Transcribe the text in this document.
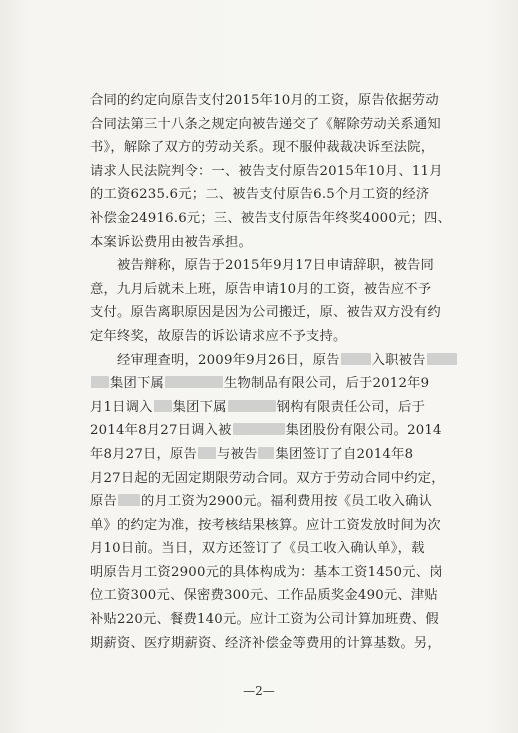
合同的约定向原告支付2015年10月的工资，原告依据劳动
合同法第三十八条之规定向被告递交了《解除劳动关系通知
书》，解除了双方的劳动关系。现不服仲裁裁决诉至法院，
请求人民法院判令：一、被告支付原告2015年10月、11月
的工资6235.6元；二、被告支付原告6.5个月工资的经济
补偿金24916.6元；三、被告支付原告年终奖4000元；四、
本案诉讼费用由被告承担。
被告辩称，原告于2015年9月17日申请辞职，被告同
意，九月后就未上班，原告申请10月的工资，被告应不予
支付。原告离职原因是因为公司搬迁，原、被告双方没有约
定年终奖，故原告的诉讼请求应不予支持。
经审理查明，2009年9月26日，原告 入职被告
集团下属	生物制品有限公司，后于2012年9
月1日调入 集团下属	钢构有限责任公司，后于
2014年8月27日调入被	集团股份有限公司。2014
年8月27日，原告 与被告 集团签订了自2014年8
月27日起的无固定期限劳动合同。双方于劳动合同中约定，
原告 的月工资为2900元。福利费用按《员工收入确认
单》的约定为准，按考核结果核算。应计工资发放时间为次
月10日前。当日，双方还签订了《员工收入确认单》，载
明原告月工资2900元的具体构成为：基本工资1450元、岗
位工资300元、保密费300元、工作品质奖金490元、津贴
补贴220元、餐费140元。应计工资为公司计算加班费、假
期薪资、医疗期薪资、经济补偿金等费用的计算基数。另，
—2—
